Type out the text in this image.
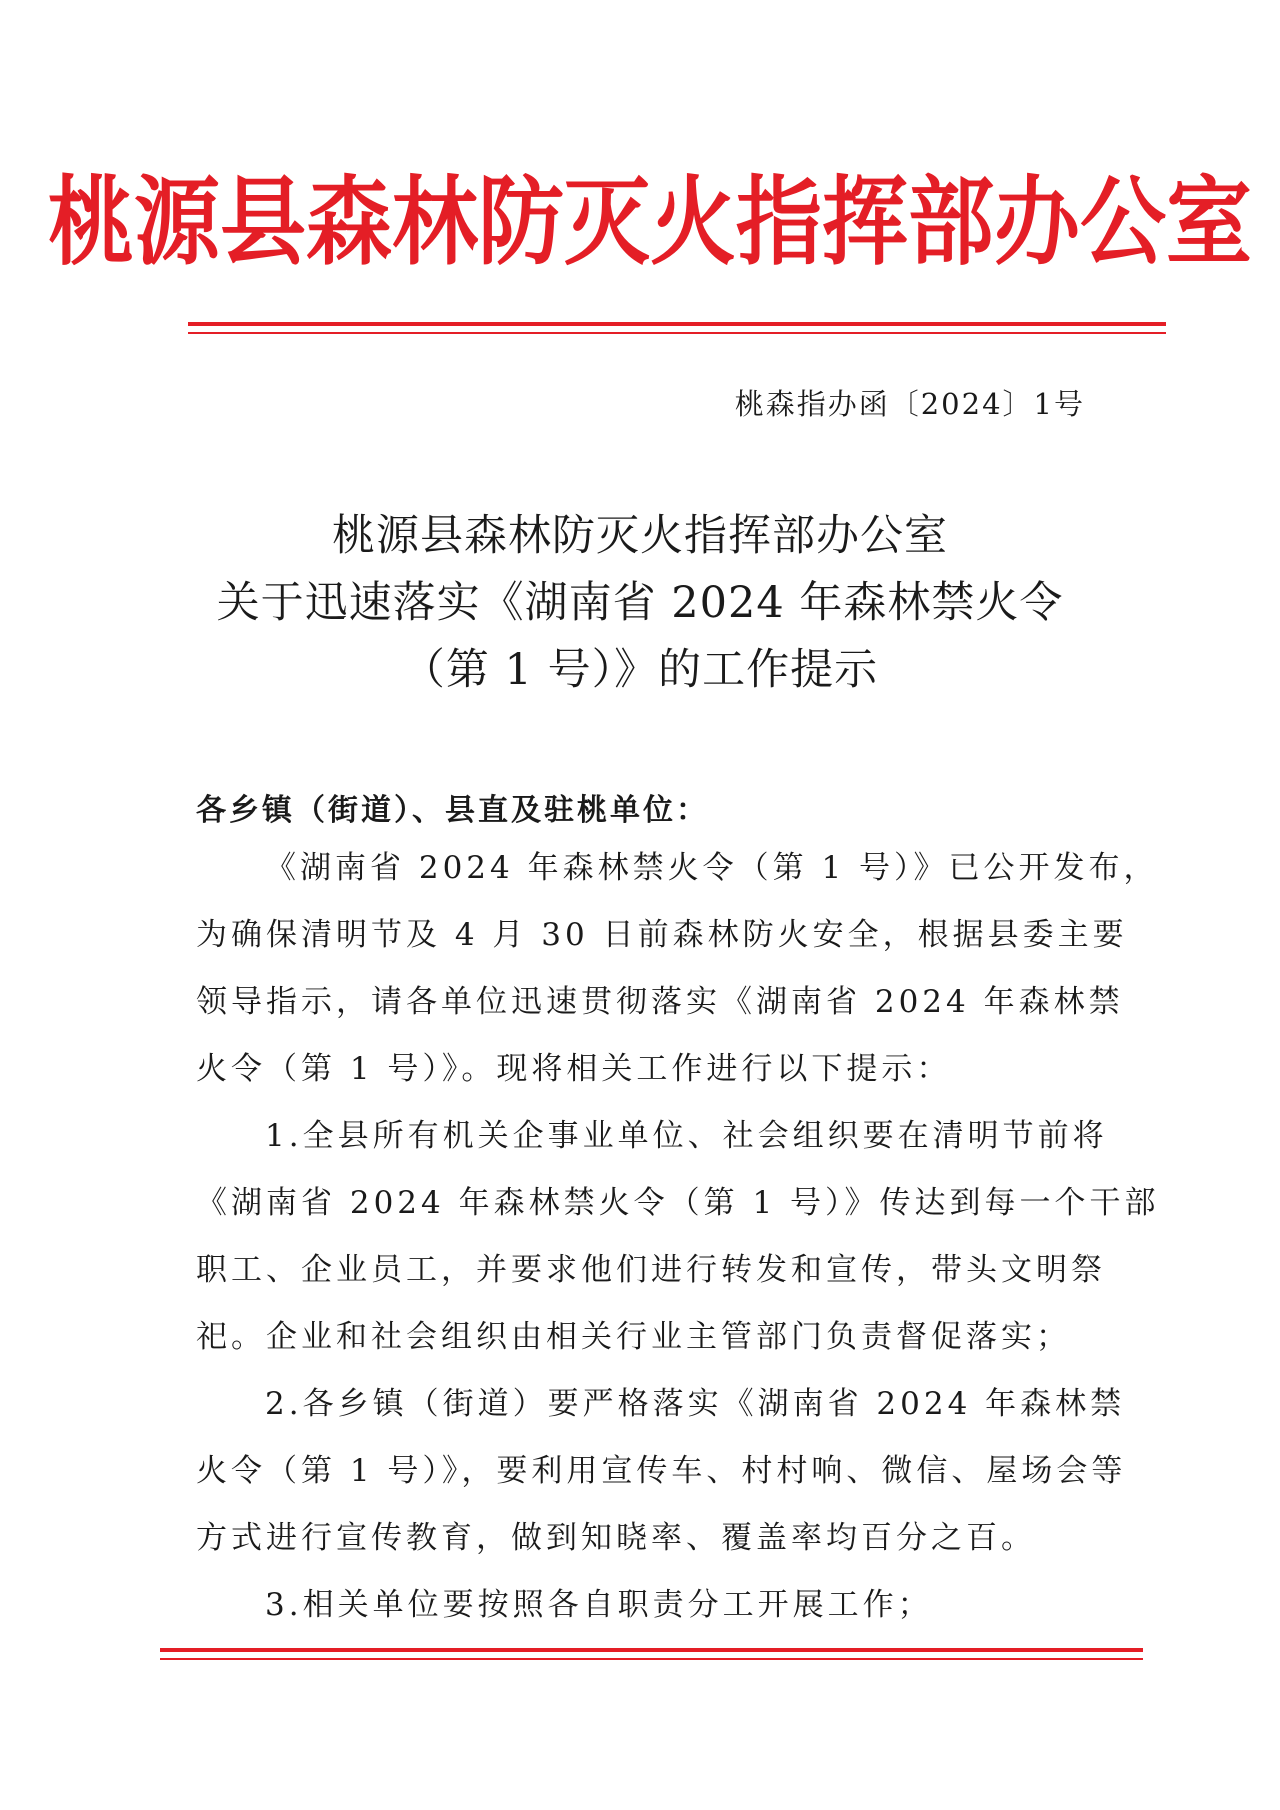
桃源县森林防灭火指挥部办公室
桃森指办函〔2024〕1号
桃源县森林防灭火指挥部办公室
关于迅速落实《湖南省 2024 年森林禁火令
（第 1 号）》的工作提示
各乡镇（街道）、县直及驻桃单位：
《湖南省 2024 年森林禁火令（第 1 号）》已公开发布，
为确保清明节及 4 月 30 日前森林防火安全，根据县委主要
领导指示，请各单位迅速贯彻落实《湖南省 2024 年森林禁
火令（第 1 号）》。现将相关工作进行以下提示：
1.全县所有机关企事业单位、社会组织要在清明节前将
《湖南省 2024 年森林禁火令（第 1 号）》传达到每一个干部
职工、企业员工，并要求他们进行转发和宣传，带头文明祭
祀。企业和社会组织由相关行业主管部门负责督促落实；
2.各乡镇（街道）要严格落实《湖南省 2024 年森林禁
火令（第 1 号）》，要利用宣传车、村村响、微信、屋场会等
方式进行宣传教育，做到知晓率、覆盖率均百分之百。
3.相关单位要按照各自职责分工开展工作；
